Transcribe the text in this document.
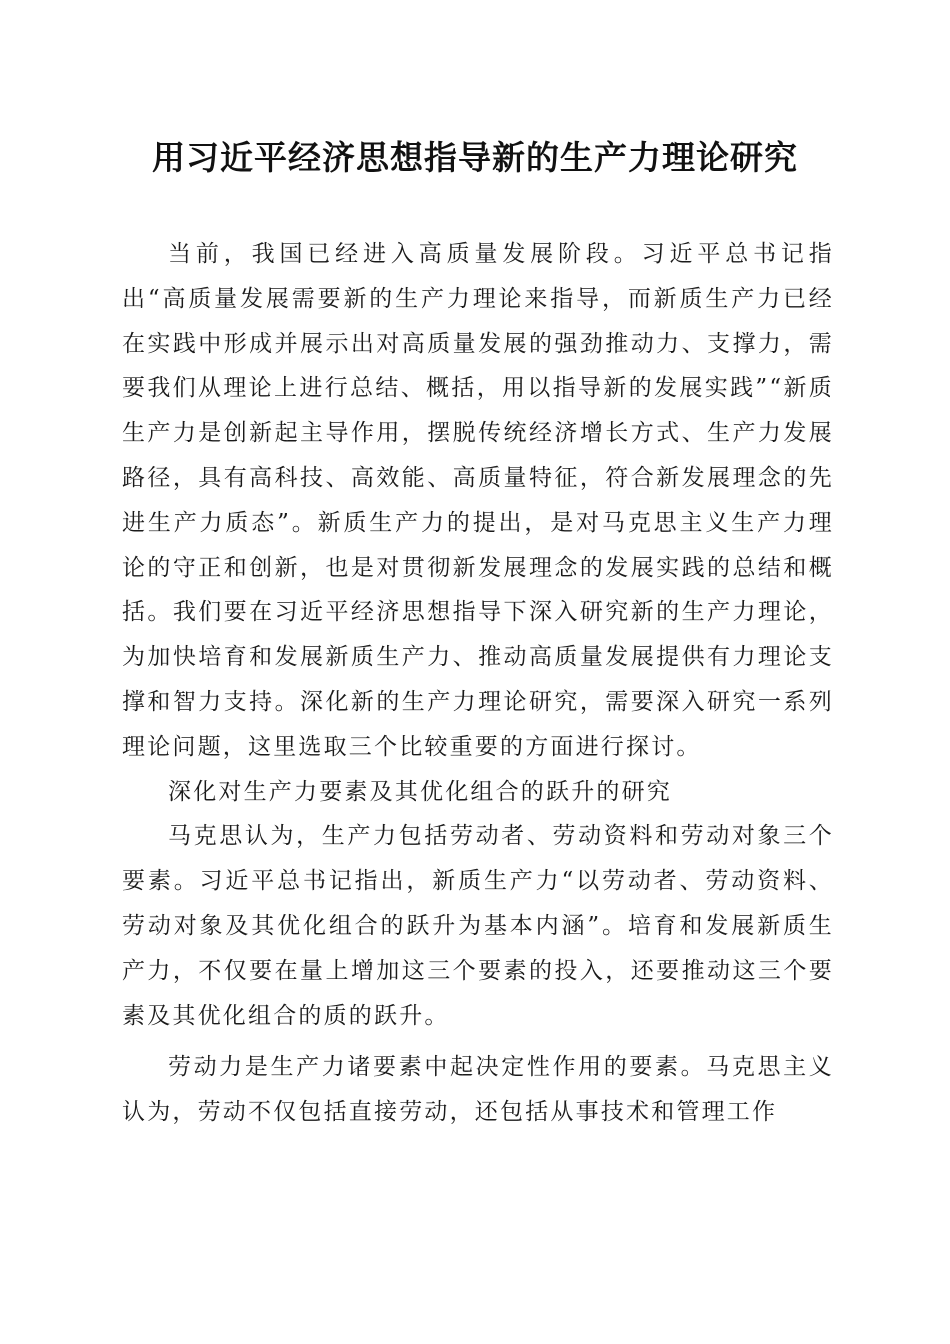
用习近平经济思想指导新的生产力理论研究

当前，我国已经进入高质量发展阶段。习近平总书记指出“高质量发展需要新的生产力理论来指导，而新质生产力已经在实践中形成并展示出对高质量发展的强劲推动力、支撑力，需要我们从理论上进行总结、概括，用以指导新的发展实践”“新质生产力是创新起主导作用，摆脱传统经济增长方式、生产力发展路径，具有高科技、高效能、高质量特征，符合新发展理念的先进生产力质态”。新质生产力的提出，是对马克思主义生产力理论的守正和创新，也是对贯彻新发展理念的发展实践的总结和概括。我们要在习近平经济思想指导下深入研究新的生产力理论，为加快培育和发展新质生产力、推动高质量发展提供有力理论支撑和智力支持。深化新的生产力理论研究，需要深入研究一系列理论问题，这里选取三个比较重要的方面进行探讨。

深化对生产力要素及其优化组合的跃升的研究

马克思认为，生产力包括劳动者、劳动资料和劳动对象三个要素。习近平总书记指出，新质生产力“以劳动者、劳动资料、劳动对象及其优化组合的跃升为基本内涵”。培育和发展新质生产力，不仅要在量上增加这三个要素的投入，还要推动这三个要素及其优化组合的质的跃升。

劳动力是生产力诸要素中起决定性作用的要素。马克思主义认为，劳动不仅包括直接劳动，还包括从事技术和管理工作
